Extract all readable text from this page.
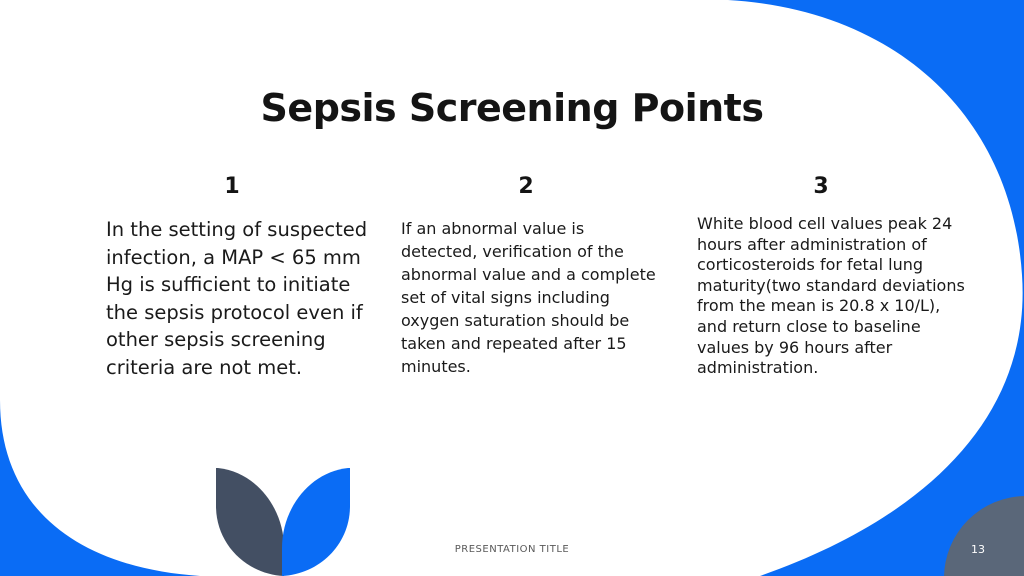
Sepsis Screening Points
1	2	3
In the setting of suspected infection, a MAP < 65 mm Hg is sufficient to initiate the sepsis protocol even if other sepsis screening criteria are not met.
If an abnormal value is detected, verification of the abnormal value and a complete set of vital signs including oxygen saturation should be taken and repeated after 15 minutes.
White blood cell values peak 24 hours after administration of corticosteroids for fetal lung maturity(two standard deviations from the mean is 20.8 x 10/L), and return close to baseline values by 96 hours after administration.
PRESENTATION TITLE	13
